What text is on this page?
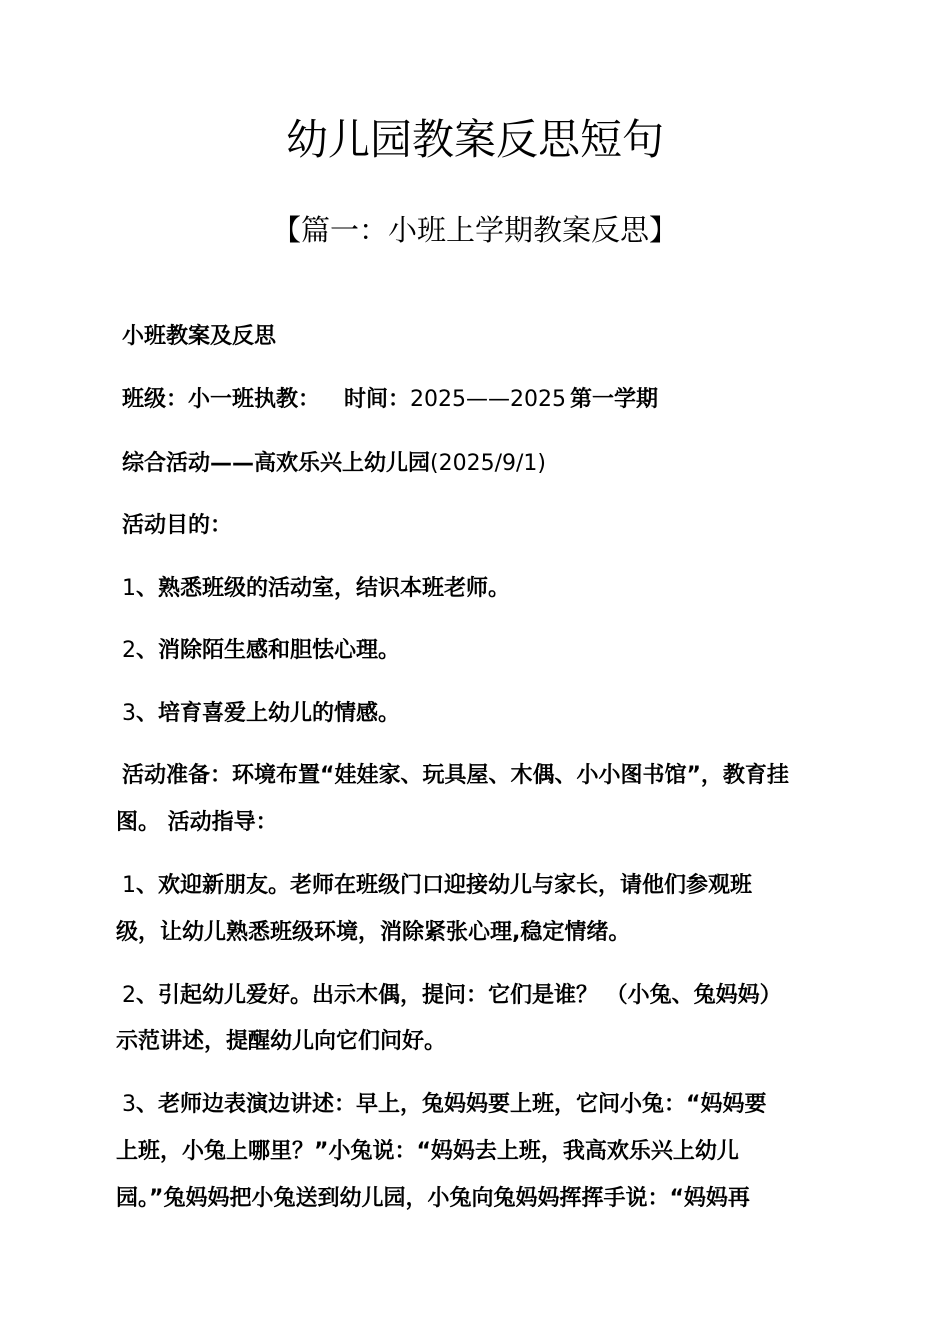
幼儿园教案反思短句
【篇一：小班上学期教案反思】
小班教案及反思
班级：小一班执教： 时间：2025——2025 第一学期
综合活动——高欢乐兴上幼儿园(2025/9/1)
活动目的：
1、熟悉班级的活动室，结识本班老师。
2、消除陌生感和胆怯心理。
3、培育喜爱上幼儿的情感。
活动准备：环境布置“娃娃家、玩具屋、木偶、小小图书馆”，教育挂
图。 活动指导：
1、欢迎新朋友。老师在班级门口迎接幼儿与家长，请他们参观班
级，让幼儿熟悉班级环境，消除紧张心理,稳定情绪。
2、引起幼儿爱好。出示木偶，提问：它们是谁？ （小兔、兔妈妈）
示范讲述，提醒幼儿向它们问好。
3、老师边表演边讲述：早上，兔妈妈要上班，它问小兔：“妈妈要
上班，小兔上哪里？”小兔说：“妈妈去上班，我高欢乐兴上幼儿
园。”兔妈妈把小兔送到幼儿园，小兔向兔妈妈挥挥手说：“妈妈再
